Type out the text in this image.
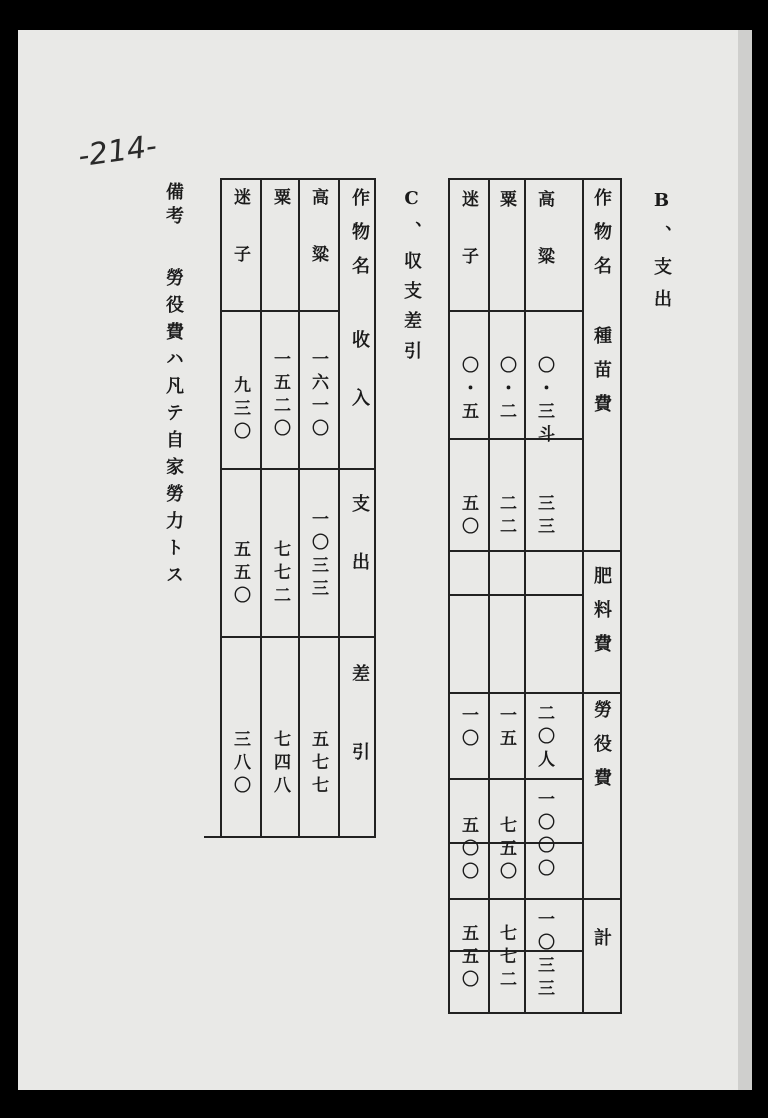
-214-
B、支出
作物名
種苗費
肥料費
勞役費
計
高粱
粟
迷子
〇・三斗
〇・二
〇・五
三三
二二
五〇
二〇人
一五
一〇
一〇〇〇
七五〇
五〇〇
一〇三三
七七二
五五〇
C、収支差引
作物名
收入
支出
差引
高粱
粟
迷子
一六一〇
一五二〇
九三〇
一〇三三
七七二
五五〇
五七七
七四八
三八〇
備考
勞役費ハ凡テ自家勞力トス
